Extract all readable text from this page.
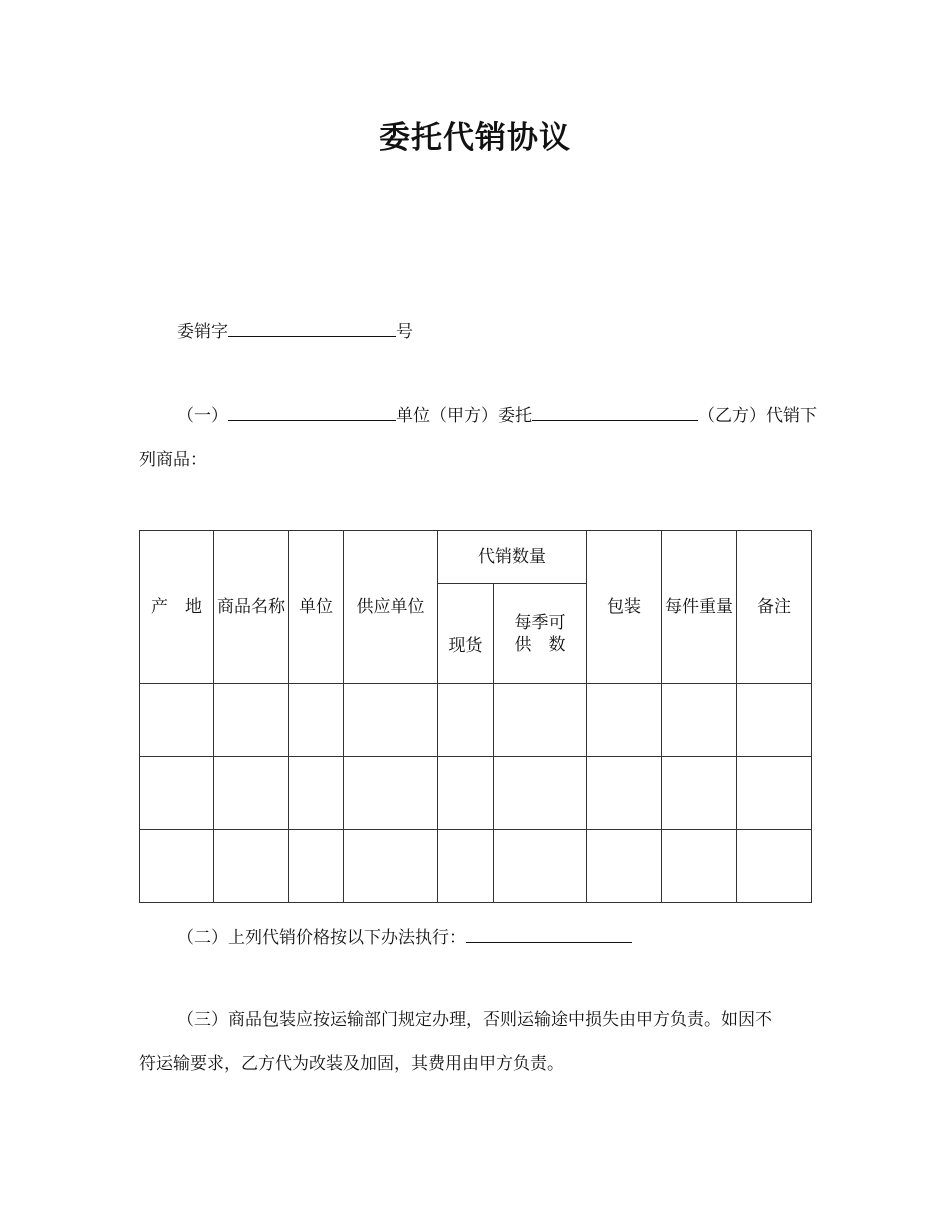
委托代销协议
委销字	号
（一）	单位（甲方）委托	（乙方）代销下
列商品：
产　地	商品名称	单位	供应单位	代销数量		包装	每件重量	备注
				现货	每季可
供　数			

（二）上列代销价格按以下办法执行：
（三）商品包装应按运输部门规定办理，否则运输途中损失由甲方负责。如因不
符运输要求，乙方代为改装及加固，其费用由甲方负责。
